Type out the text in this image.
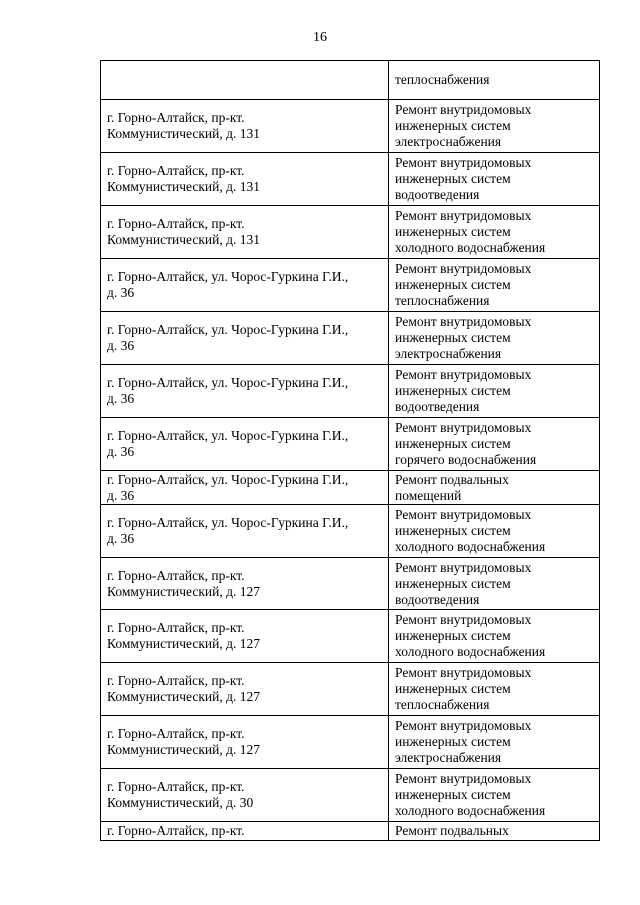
16

	теплоснабжения

г. Горно-Алтайск, пр-кт.
Коммунистический, д. 131	Ремонт внутридомовых
инженерных систем
электроснабжения

г. Горно-Алтайск, пр-кт.
Коммунистический, д. 131	Ремонт внутридомовых
инженерных систем
водоотведения

г. Горно-Алтайск, пр-кт.
Коммунистический, д. 131	Ремонт внутридомовых
инженерных систем
холодного водоснабжения

г. Горно-Алтайск, ул. Чорос-Гуркина Г.И.,
д. 36	Ремонт внутридомовых
инженерных систем
теплоснабжения

г. Горно-Алтайск, ул. Чорос-Гуркина Г.И.,
д. 36	Ремонт внутридомовых
инженерных систем
электроснабжения

г. Горно-Алтайск, ул. Чорос-Гуркина Г.И.,
д. 36	Ремонт внутридомовых
инженерных систем
водоотведения

г. Горно-Алтайск, ул. Чорос-Гуркина Г.И.,
д. 36	Ремонт внутридомовых
инженерных систем
горячего водоснабжения

г. Горно-Алтайск, ул. Чорос-Гуркина Г.И.,
д. 36	Ремонт подвальных
помещений

г. Горно-Алтайск, ул. Чорос-Гуркина Г.И.,
д. 36	Ремонт внутридомовых
инженерных систем
холодного водоснабжения

г. Горно-Алтайск, пр-кт.
Коммунистический, д. 127	Ремонт внутридомовых
инженерных систем
водоотведения

г. Горно-Алтайск, пр-кт.
Коммунистический, д. 127	Ремонт внутридомовых
инженерных систем
холодного водоснабжения

г. Горно-Алтайск, пр-кт.
Коммунистический, д. 127	Ремонт внутридомовых
инженерных систем
теплоснабжения

г. Горно-Алтайск, пр-кт.
Коммунистический, д. 127	Ремонт внутридомовых
инженерных систем
электроснабжения

г. Горно-Алтайск, пр-кт.
Коммунистический, д. 30	Ремонт внутридомовых
инженерных систем
холодного водоснабжения

г. Горно-Алтайск, пр-кт.	Ремонт подвальных
